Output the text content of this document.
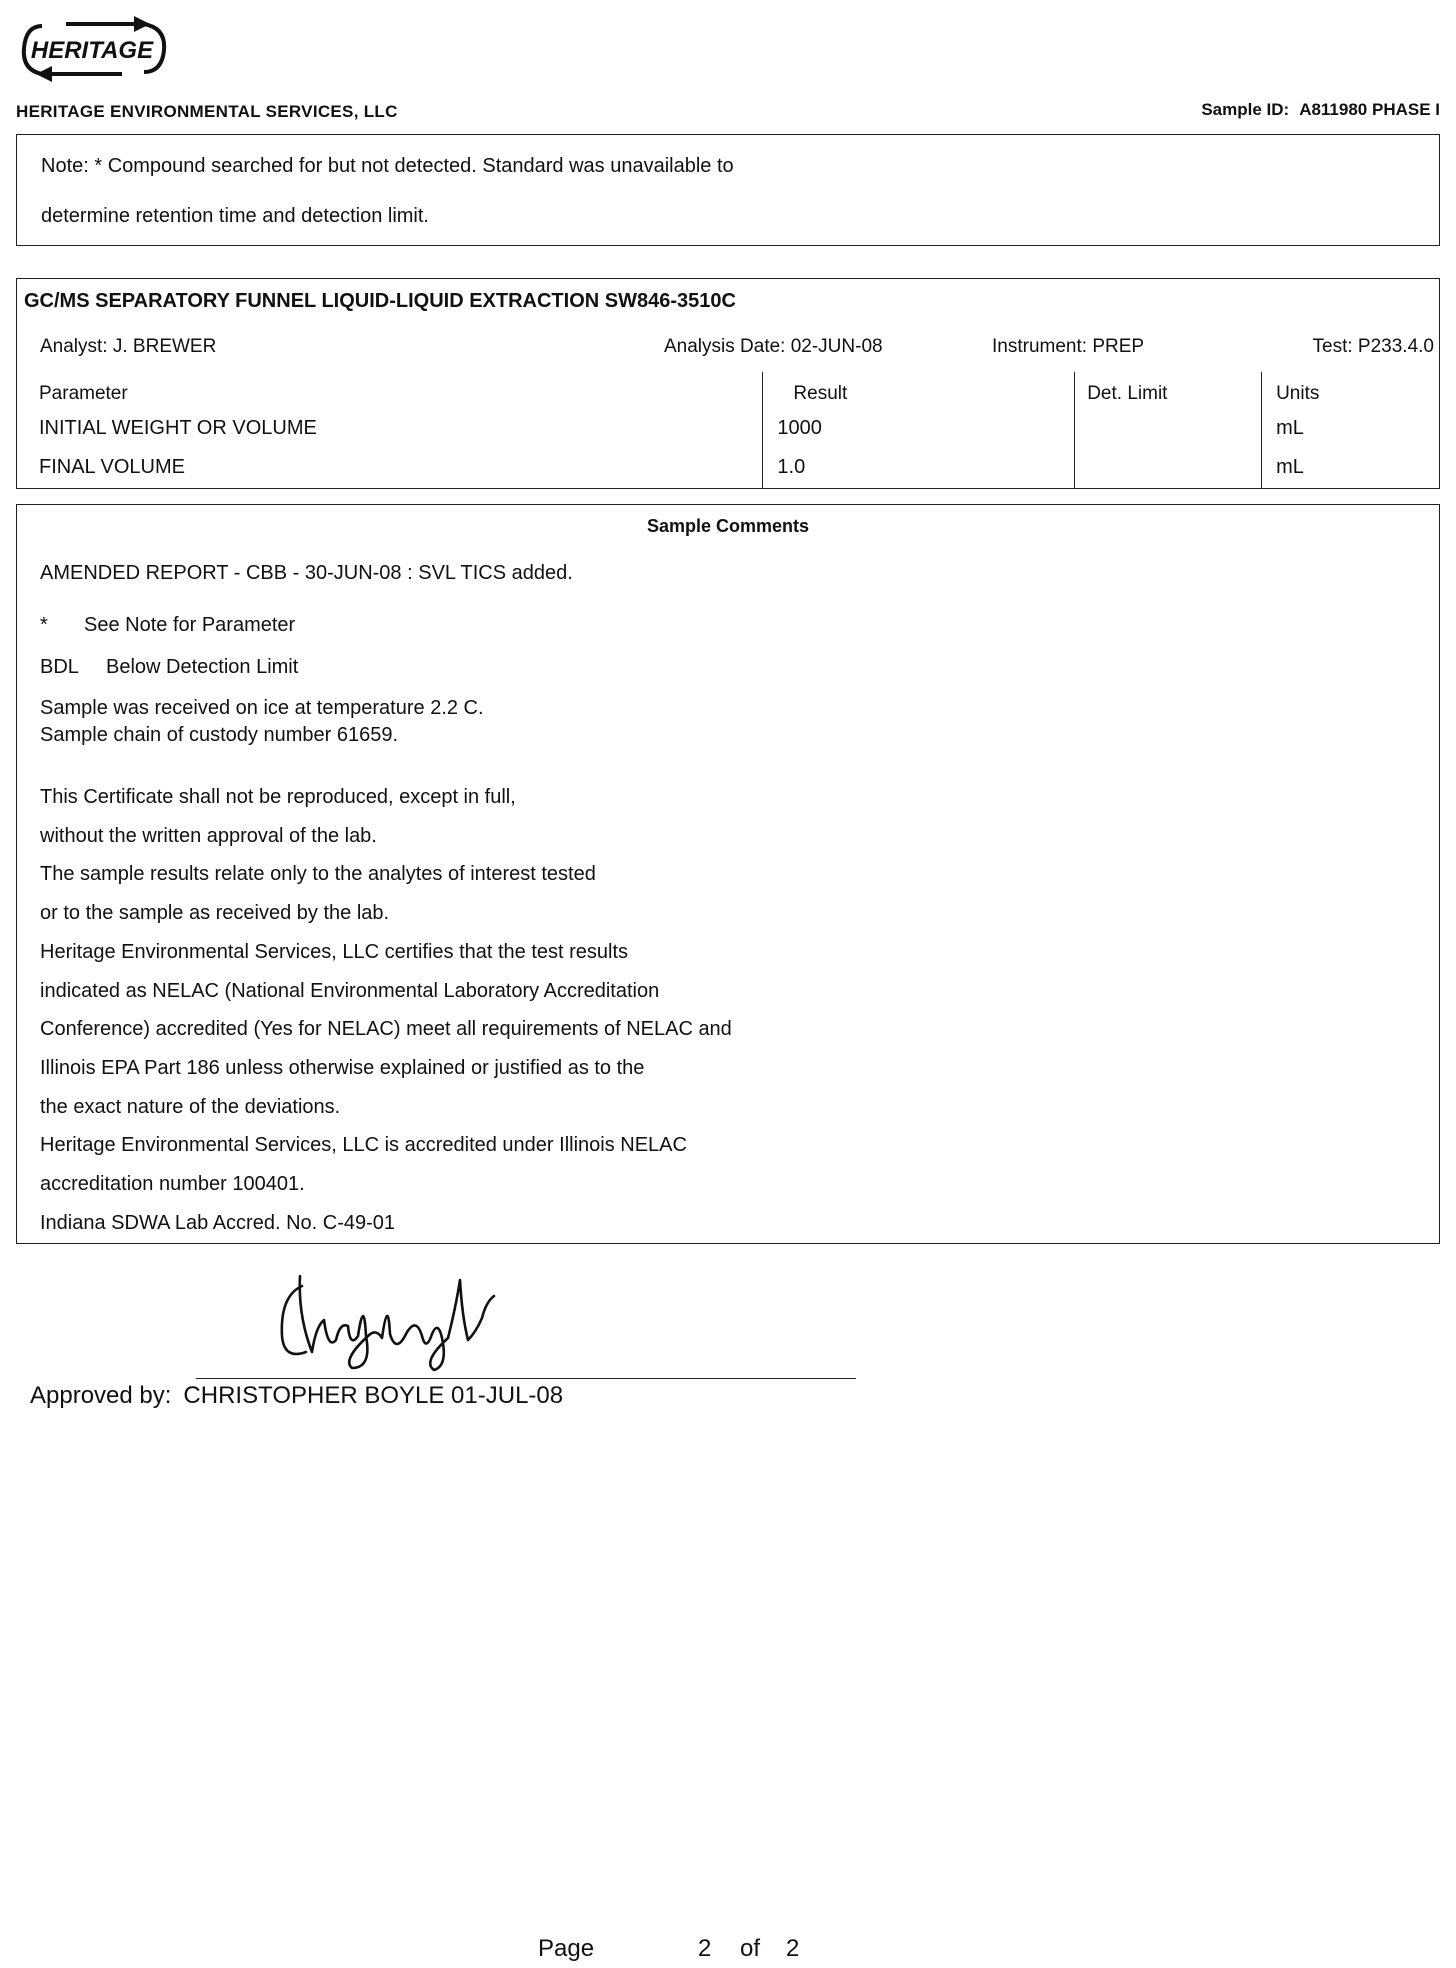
HERITAGE
HERITAGE ENVIRONMENTAL SERVICES, LLC	Sample ID: A811980 PHASE I
Note: * Compound searched for but not detected. Standard was unavailable to
determine retention time and detection limit.
GC/MS SEPARATORY FUNNEL LIQUID-LIQUID EXTRACTION SW846-3510C
Analyst: J. BREWER	Analysis Date: 02-JUN-08	Instrument: PREP	Test: P233.4.0
Parameter	Result	Det. Limit	Units
INITIAL WEIGHT OR VOLUME	1000		mL
FINAL VOLUME	1.0		mL
Sample Comments
AMENDED REPORT - CBB - 30-JUN-08 : SVL TICS added.
* See Note for Parameter
BDL Below Detection Limit
Sample was received on ice at temperature 2.2 C.
Sample chain of custody number 61659.
This Certificate shall not be reproduced, except in full,
without the written approval of the lab.
The sample results relate only to the analytes of interest tested
or to the sample as received by the lab.
Heritage Environmental Services, LLC certifies that the test results
indicated as NELAC (National Environmental Laboratory Accreditation
Conference) accredited (Yes for NELAC) meet all requirements of NELAC and
Illinois EPA Part 186 unless otherwise explained or justified as to the
the exact nature of the deviations.
Heritage Environmental Services, LLC is accredited under Illinois NELAC
accreditation number 100401.
Indiana SDWA Lab Accred. No. C-49-01
Approved by: CHRISTOPHER BOYLE 01-JUL-08
Page	2 of 2
